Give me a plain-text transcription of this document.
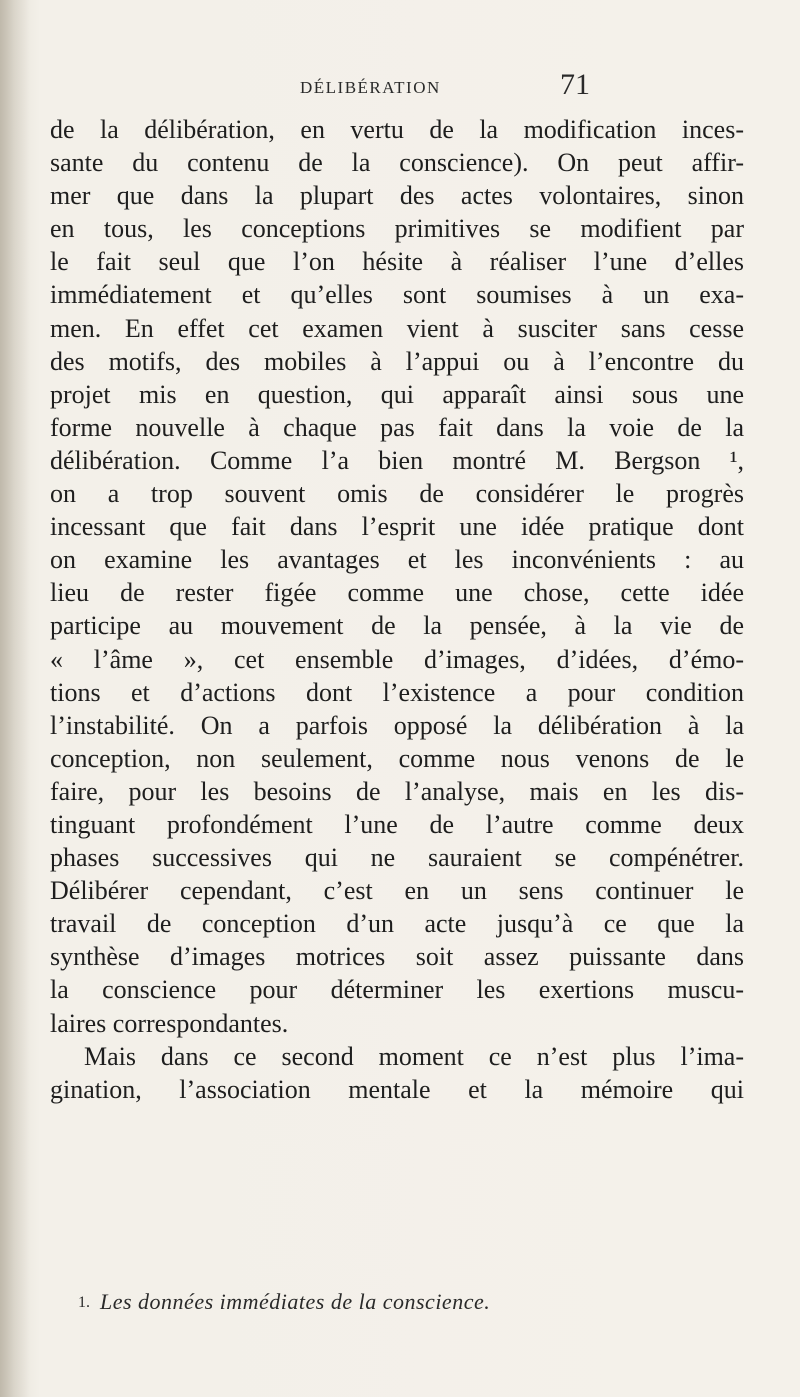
DÉLIBÉRATION	71
de la délibération, en vertu de la modification inces-
sante du contenu de la conscience). On peut affir-
mer que dans la plupart des actes volontaires, sinon
en tous, les conceptions primitives se modifient par
le fait seul que l’on hésite à réaliser l’une d’elles
immédiatement et qu’elles sont soumises à un exa-
men. En effet cet examen vient à susciter sans cesse
des motifs, des mobiles à l’appui ou à l’encontre du
projet mis en question, qui apparaît ainsi sous une
forme nouvelle à chaque pas fait dans la voie de la
délibération. Comme l’a bien montré M. Bergson ¹,
on a trop souvent omis de considérer le progrès
incessant que fait dans l’esprit une idée pratique dont
on examine les avantages et les inconvénients : au
lieu de rester figée comme une chose, cette idée
participe au mouvement de la pensée, à la vie de
« l’âme », cet ensemble d’images, d’idées, d’émo-
tions et d’actions dont l’existence a pour condition
l’instabilité. On a parfois opposé la délibération à la
conception, non seulement, comme nous venons de le
faire, pour les besoins de l’analyse, mais en les dis-
tinguant profondément l’une de l’autre comme deux
phases successives qui ne sauraient se compénétrer.
Délibérer cependant, c’est en un sens continuer le
travail de conception d’un acte jusqu’à ce que la
synthèse d’images motrices soit assez puissante dans
la conscience pour déterminer les exertions muscu-
laires correspondantes.
Mais dans ce second moment ce n’est plus l’ima-
gination, l’association mentale et la mémoire qui
1. Les données immédiates de la conscience.
